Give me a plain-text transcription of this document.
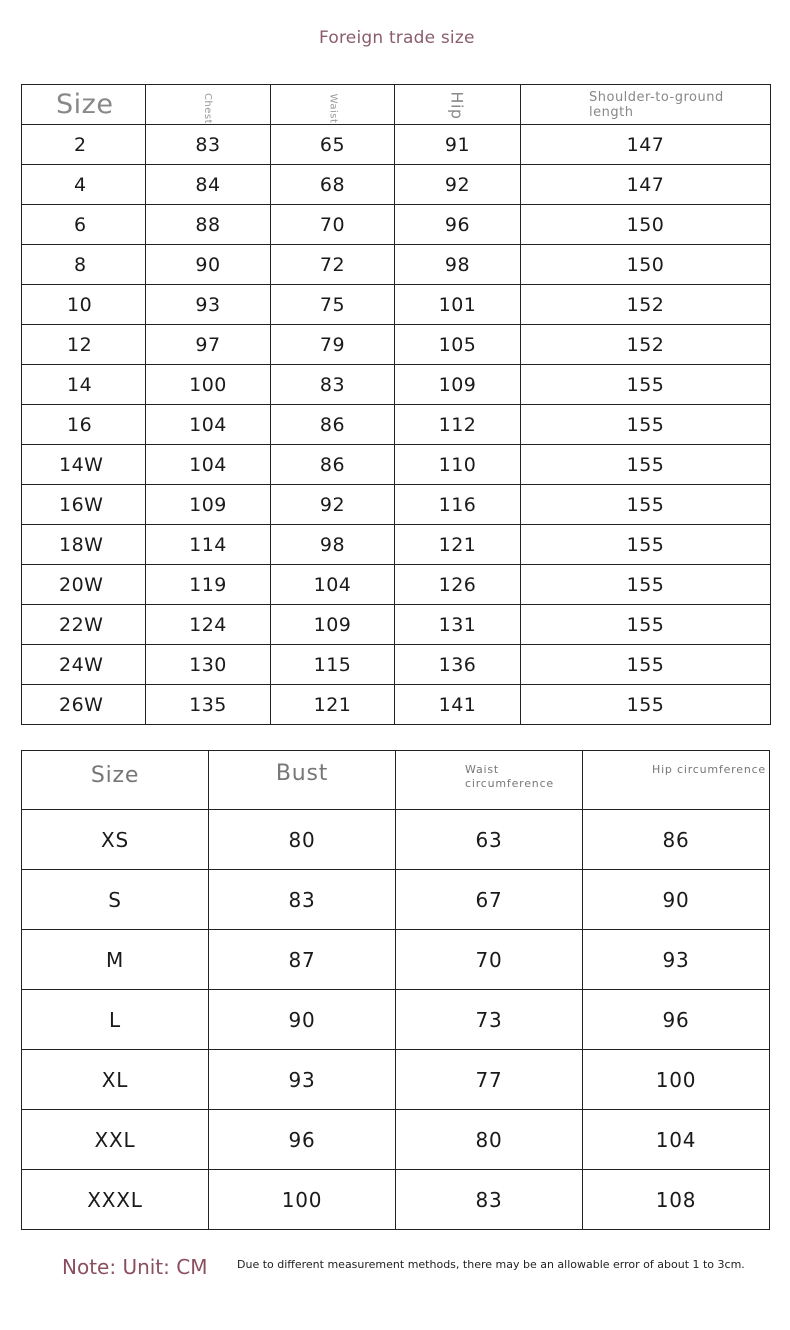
Foreign trade size
Size	Chest	Waist	Hip	Shoulder-to-ground length
2	83	65	91	147
4	84	68	92	147
6	88	70	96	150
8	90	72	98	150
10	93	75	101	152
12	97	79	105	152
14	100	83	109	155
16	104	86	112	155
14W	104	86	110	155
16W	109	92	116	155
18W	114	98	121	155
20W	119	104	126	155
22W	124	109	131	155
24W	130	115	136	155
26W	135	121	141	155
Size	Bust	Waist circumference	Hip circumference
XS	80	63	86
S	83	67	90
M	87	70	93
L	90	73	96
XL	93	77	100
XXL	96	80	104
XXXL	100	83	108
Note: Unit: CM	Due to different measurement methods, there may be an allowable error of about 1 to 3cm.
